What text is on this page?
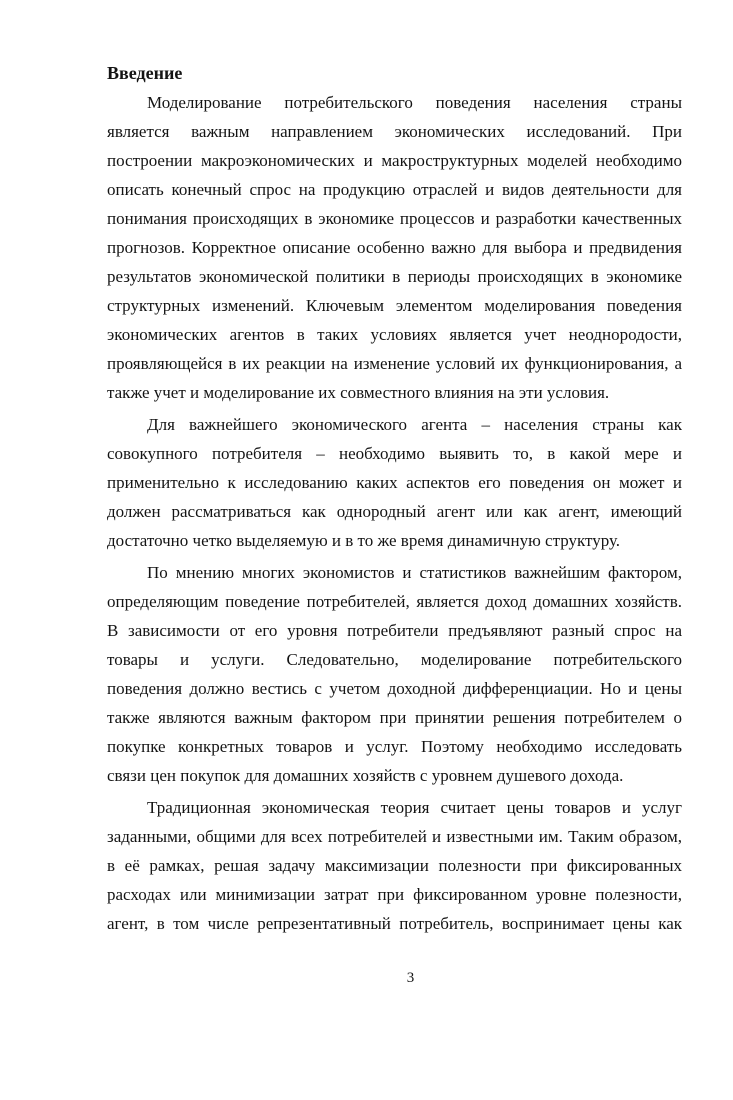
Введение
Моделирование потребительского поведения населения страны
является важным направлением экономических исследований. При
построении макроэкономических и макроструктурных моделей необходимо
описать конечный спрос на продукцию отраслей и видов деятельности для
понимания происходящих в экономике процессов и разработки качественных
прогнозов. Корректное описание особенно важно для выбора и предвидения
результатов экономической политики в периоды происходящих в экономике
структурных изменений. Ключевым элементом моделирования поведения
экономических агентов в таких условиях является учет неоднородости,
проявляющейся в их реакции на изменение условий их функционирования, а
также учет и моделирование их совместного влияния на эти условия.
Для важнейшего экономического агента – населения страны как
совокупного потребителя – необходимо выявить то, в какой мере и
применительно к исследованию каких аспектов его поведения он может и
должен рассматриваться как однородный агент или как агент, имеющий
достаточно четко выделяемую и в то же время динамичную структуру.
По мнению многих экономистов и статистиков важнейшим фактором,
определяющим поведение потребителей, является доход домашних хозяйств.
В зависимости от его уровня потребители предъявляют разный спрос на
товары и услуги. Следовательно, моделирование потребительского
поведения должно вестись с учетом доходной дифференциации. Но и цены
также являются важным фактором при принятии решения потребителем о
покупке конкретных товаров и услуг. Поэтому необходимо исследовать
связи цен покупок для домашних хозяйств с уровнем душевого дохода.
Традиционная экономическая теория считает цены товаров и услуг
заданными, общими для всех потребителей и известными им. Таким образом,
в её рамках, решая задачу максимизации полезности при фиксированных
расходах или минимизации затрат при фиксированном уровне полезности,
агент, в том числе репрезентативный потребитель, воспринимает цены как
3
